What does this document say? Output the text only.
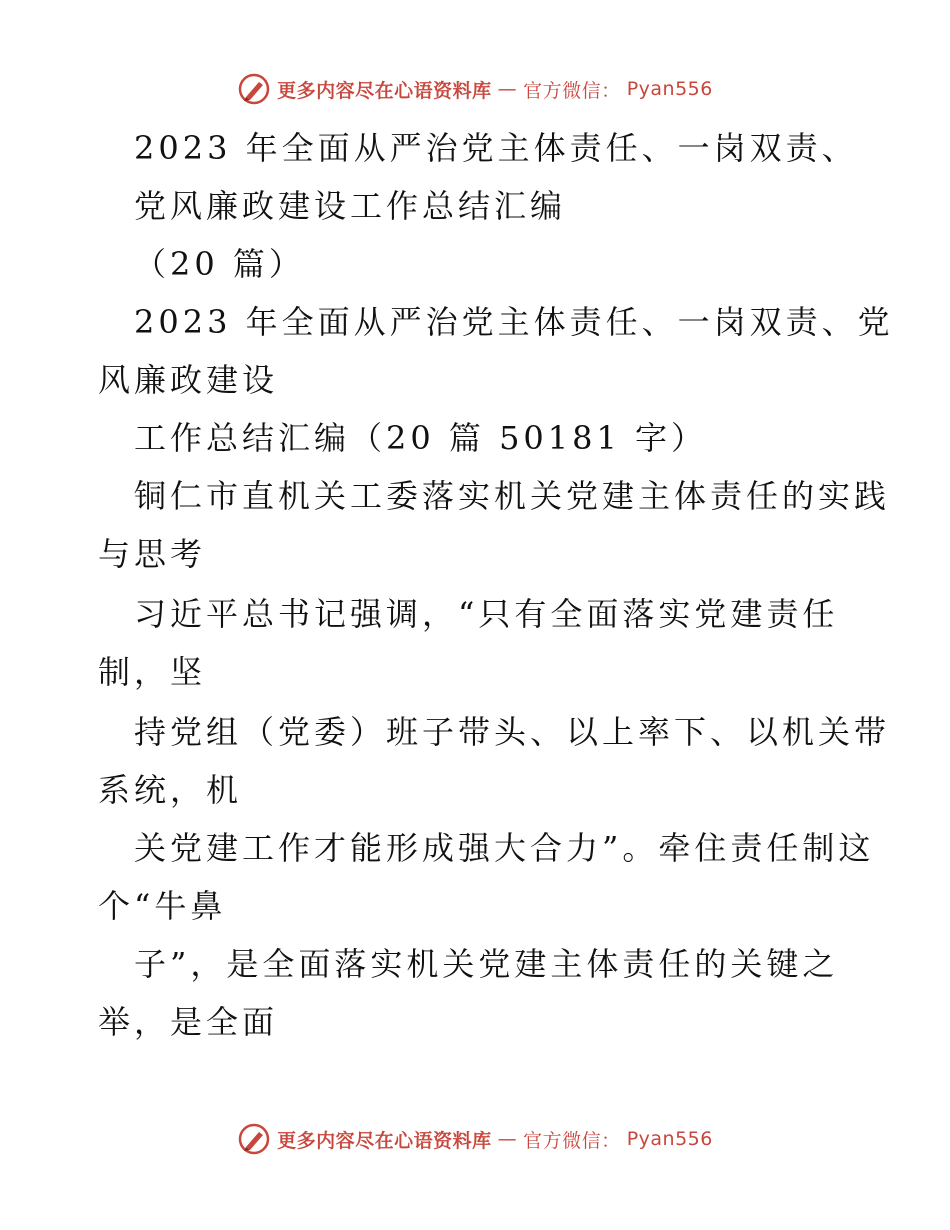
更多内容尽在心语资料库 — 官方微信： Pyan556
2023 年全面从严治党主体责任、一岗双责、
党风廉政建设工作总结汇编
（20 篇）
2023 年全面从严治党主体责任、一岗双责、党
风廉政建设
工作总结汇编（20 篇 50181 字）
铜仁市直机关工委落实机关党建主体责任的实践
与思考
习近平总书记强调，“只有全面落实党建责任
制，坚
持党组（党委）班子带头、以上率下、以机关带
系统，机
关党建工作才能形成强大合力”。牵住责任制这
个“牛鼻
子”，是全面落实机关党建主体责任的关键之
举，是全面
更多内容尽在心语资料库 — 官方微信： Pyan556
